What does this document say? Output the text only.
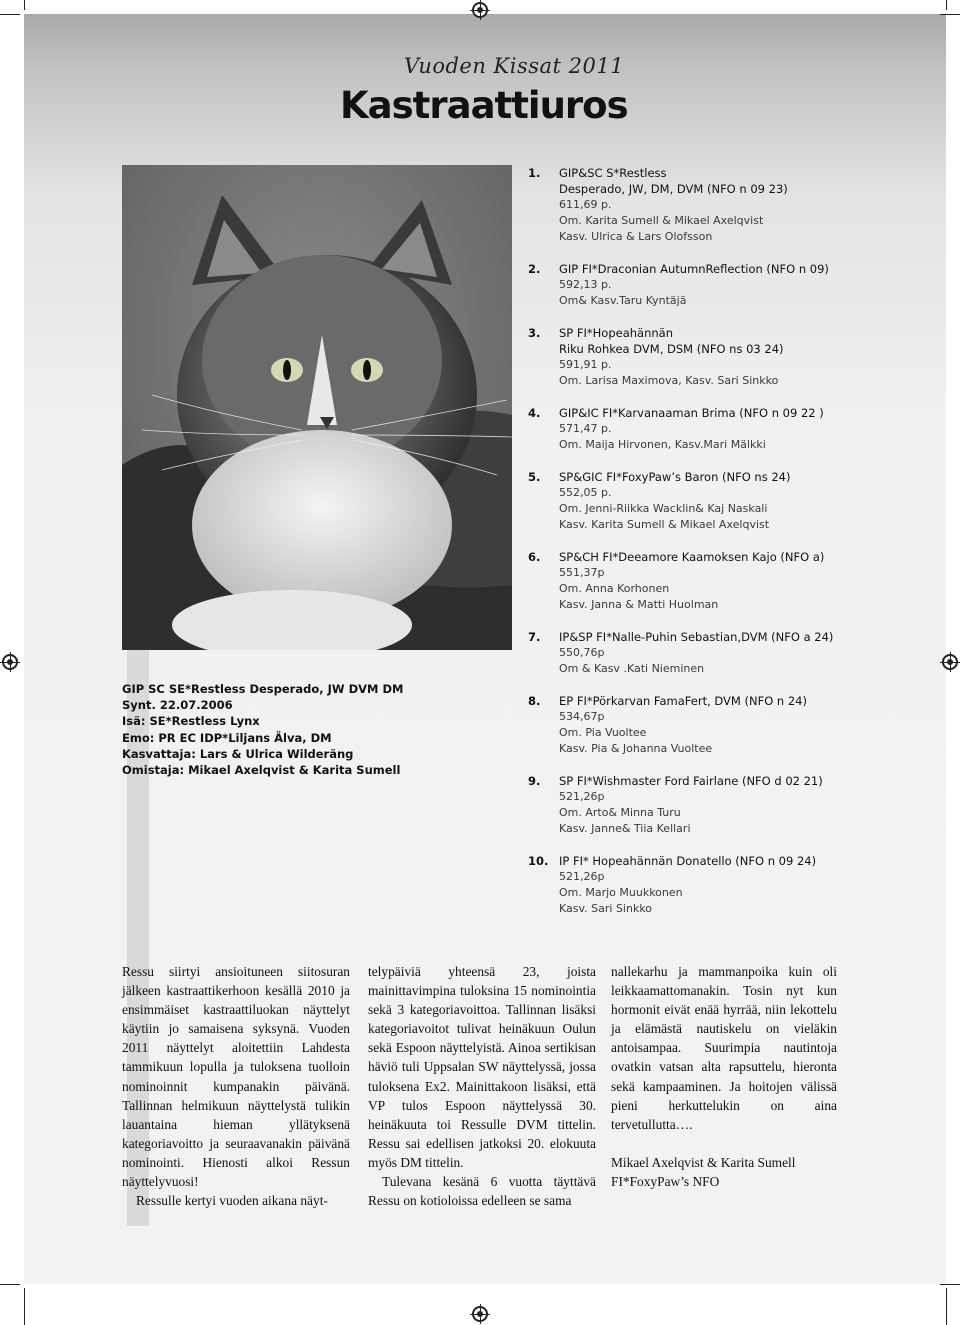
Vuoden Kissat 2011
Kastraattiuros
GIP SC SE*Restless Desperado, JW DVM DM
Synt. 22.07.2006
Isä: SE*Restless Lynx
Emo: PR EC IDP*Liljans Älva, DM
Kasvattaja: Lars & Ulrica Wilderäng
Omistaja: Mikael Axelqvist & Karita Sumell
1. GIP&SC S*Restless
Desperado, JW, DM, DVM (NFO n 09 23)
611,69 p.
Om. Karita Sumell & Mikael Axelqvist
Kasv. Ulrica & Lars Olofsson
2. GIP FI*Draconian AutumnReflection (NFO n 09)
592,13 p.
Om& Kasv.Taru Kyntäjä
3. SP FI*Hopeahännän
Riku Rohkea DVM, DSM (NFO ns 03 24)
591,91 p.
Om. Larisa Maximova, Kasv. Sari Sinkko
4. GIP&IC FI*Karvanaaman Brima (NFO n 09 22 )
571,47 p.
Om. Maija Hirvonen, Kasv.Mari Mälkki
5. SP&GIC FI*FoxyPaw’s Baron (NFO ns 24)
552,05 p.
Om. Jenni-Riikka Wacklin& Kaj Naskali
Kasv. Karita Sumell & Mikael Axelqvist
6. SP&CH FI*Deeamore Kaamoksen Kajo (NFO a)
551,37p
Om. Anna Korhonen
Kasv. Janna & Matti Huolman
7. IP&SP FI*Nalle-Puhin Sebastian,DVM (NFO a 24)
550,76p
Om & Kasv .Kati Nieminen
8. EP FI*Pörkarvan FamaFert, DVM (NFO n 24)
534,67p
Om. Pia Vuoltee
Kasv. Pia & Johanna Vuoltee
9. SP FI*Wishmaster Ford Fairlane (NFO d 02 21)
521,26p
Om. Arto& Minna Turu
Kasv. Janne& Tiia Kellari
10. IP FI* Hopeahännän Donatello (NFO n 09 24)
521,26p
Om. Marjo Muukkonen
Kasv. Sari Sinkko

Ressu siirtyi ansioituneen siitosuran jälkeen kastraattikerhoon kesällä 2010 ja ensimmäiset kastraattiluokan näyttelyt käytiin jo samaisena syksynä. Vuoden 2011 näyttelyt aloitettiin Lahdesta tammikuun lopulla ja tuloksena tuolloin nominoinnit kumpanakin päivänä. Tallinnan helmikuun näyttelystä tulikin lauantaina hieman yllätyksenä kategoriavoitto ja seuraavanakin päivänä nominointi. Hienosti alkoi Ressun näyttelyvuosi!

Ressulle kertyi vuoden aikana näyt-

telypäiviä yhteensä 23, joista mainittavimpina tuloksina 15 nominointia sekä 3 kategoriavoittoa. Tallinnan lisäksi kategoriavoitot tulivat heinäkuun Oulun sekä Espoon näyttelyistä. Ainoa sertikisan häviö tuli Uppsalan SW näyttelyssä, jossa tuloksena Ex2. Mainittakoon lisäksi, että VP tulos Espoon näyttelyssä 30. heinäkuuta toi Ressulle DVM tittelin. Ressu sai edellisen jatkoksi 20. elokuuta myös DM tittelin.

Tulevana kesänä 6 vuotta täyttävä Ressu on kotioloissa edelleen se sama

nallekarhu ja mammanpoika kuin oli leikkaamattomanakin. Tosin nyt kun hormonit eivät enää hyrrää, niin lekottelu ja elämästä nautiskelu on vieläkin antoisampaa. Suurimpia nautintoja ovatkin vatsan alta rapsuttelu, hieronta sekä kampaaminen. Ja hoitojen välissä pieni herkuttelukin on aina tervetullutta….

Mikael Axelqvist & Karita Sumell

FI*FoxyPaw’s NFO
